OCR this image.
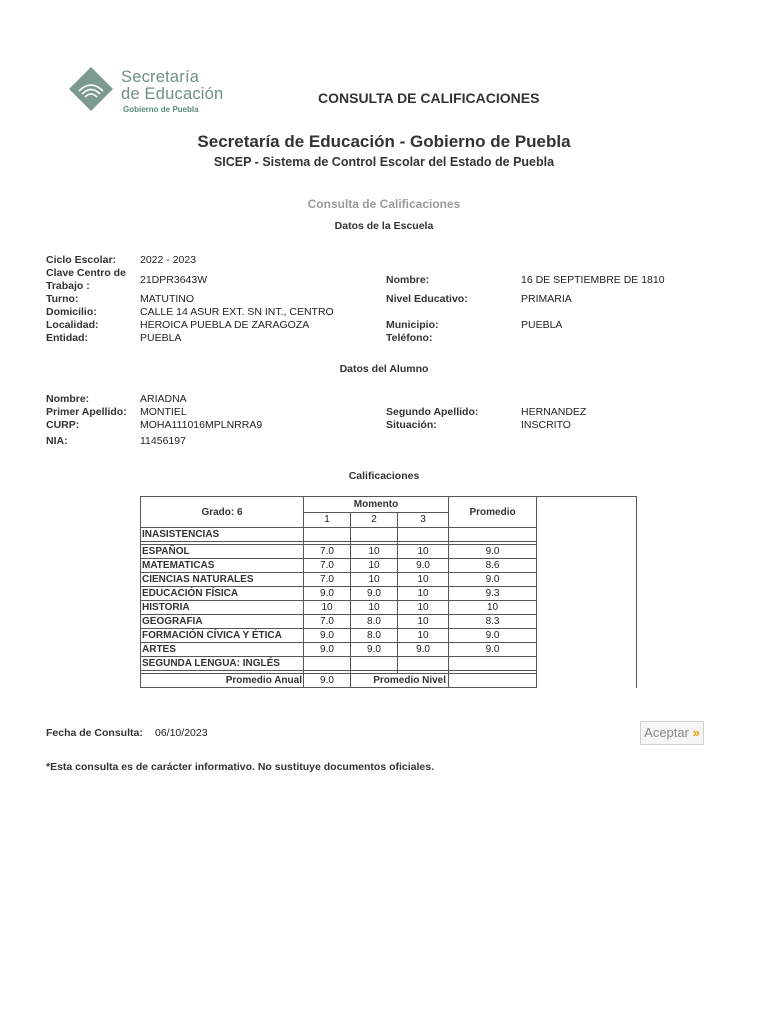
Secretaría
de Educación
Gobierno de Puebla
CONSULTA DE CALIFICACIONES
Secretaría de Educación - Gobierno de Puebla
SICEP - Sistema de Control Escolar del Estado de Puebla
Consulta de Calificaciones
Datos de la Escuela
Ciclo Escolar: 2022 - 2023
Clave Centro de
Trabajo :	21DPR3643W	Nombre:	16 DE SEPTIEMBRE DE 1810
Turno:	MATUTINO	Nivel Educativo:	PRIMARIA
Domicilio:	CALLE 14 ASUR EXT. SN INT., CENTRO
Localidad:	HEROICA PUEBLA DE ZARAGOZA	Municipio:	PUEBLA
Entidad:	PUEBLA	Teléfono:
Datos del Alumno
Nombre:	ARIADNA
Primer Apellido: MONTIEL	Segundo Apellido:	HERNANDEZ
CURP:	MOHA111016MPLNRRA9	Situación:	INSCRITO
NIA:	11456197
Calificaciones
Grado: 6	Momento			Promedio	
	1	2	3		
INASISTENCIAS					

ESPAÑOL	7.0	10	10	9.0	
MATEMATICAS	7.0	10	9.0	8.6	
CIENCIAS NATURALES	7.0	10	10	9.0	
EDUCACIÓN FÍSICA	9.0	9.0	10	9.3	
HISTORIA	10	10	10	10	
GEOGRAFIA	7.0	8.0	10	8.3	
FORMACIÓN CÍVICA Y ÉTICA	9.0	8.0	10	9.0	
ARTES	9.0	9.0	9.0	9.0	
SEGUNDA LENGUA: INGLÉS					

Promedio Anual	9.0	Promedio Nivel			
Fecha de Consulta: 06/10/2023	Aceptar »
*Esta consulta es de carácter informativo. No sustituye documentos oficiales.
